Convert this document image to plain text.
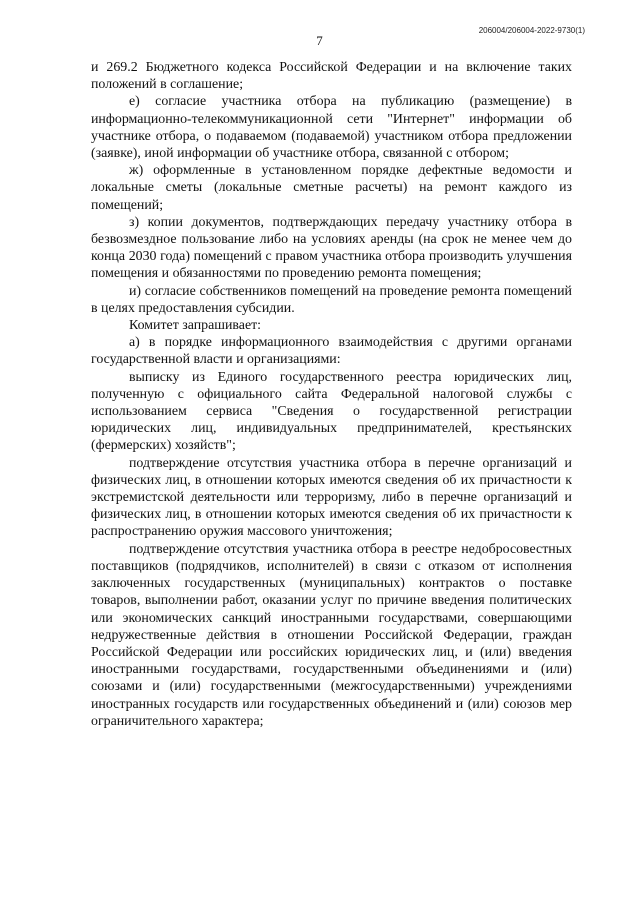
206004/206004-2022-9730(1)
7

и 269.2 Бюджетного кодекса Российской Федерации и на включение таких положений в соглашение;

е) согласие участника отбора на публикацию (размещение) в информационно-телекоммуникационной сети "Интернет" информации об участнике отбора, о подаваемом (подаваемой) участником отбора предложении (заявке), иной информации об участнике отбора, связанной с отбором;

ж) оформленные в установленном порядке дефектные ведомости и локальные сметы (локальные сметные расчеты) на ремонт каждого из помещений;

з) копии документов, подтверждающих передачу участнику отбора в безвозмездное пользование либо на условиях аренды (на срок не менее чем до конца 2030 года) помещений с правом участника отбора производить улучшения помещения и обязанностями по проведению ремонта помещения;

и) согласие собственников помещений на проведение ремонта помещений в целях предоставления субсидии.

Комитет запрашивает:

а) в порядке информационного взаимодействия с другими органами государственной власти и организациями:

выписку из Единого государственного реестра юридических лиц, полученную с официального сайта Федеральной налоговой службы с использованием сервиса "Сведения о государственной регистрации юридических лиц, индивидуальных предпринимателей, крестьянских (фермерских) хозяйств";

подтверждение отсутствия участника отбора в перечне организаций и физических лиц, в отношении которых имеются сведения об их причастности к экстремистской деятельности или терроризму, либо в перечне организаций и физических лиц, в отношении которых имеются сведения об их причастности к распространению оружия массового уничтожения;

подтверждение отсутствия участника отбора в реестре недобросовестных поставщиков (подрядчиков, исполнителей) в связи с отказом от исполнения заключенных государственных (муниципальных) контрактов о поставке товаров, выполнении работ, оказании услуг по причине введения политических или экономических санкций иностранными государствами, совершающими недружественные действия в отношении Российской Федерации, граждан Российской Федерации или российских юридических лиц, и (или) введения иностранными государствами, государственными объединениями и (или) союзами и (или) государственными (межгосударственными) учреждениями иностранных государств или государственных объединений и (или) союзов мер ограничительного характера;
